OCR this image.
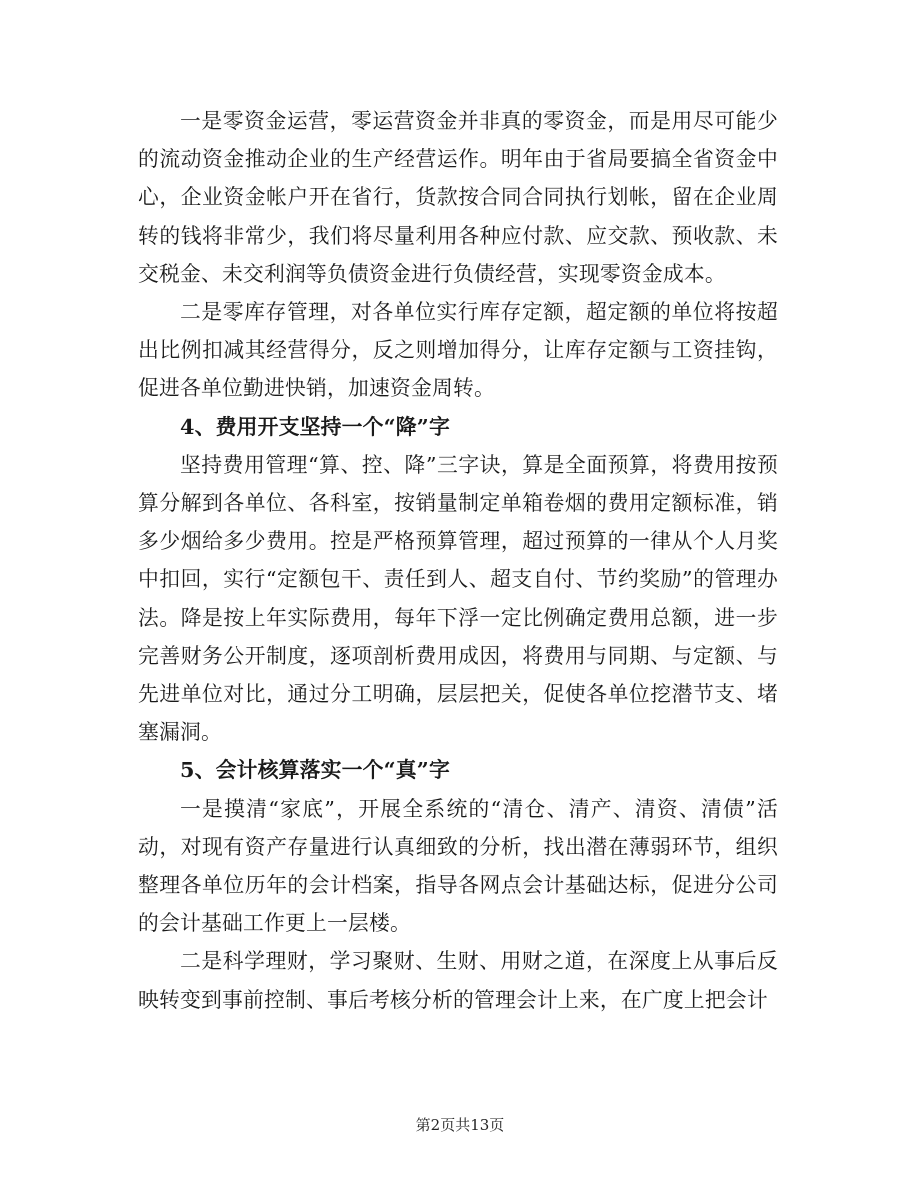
一是零资金运营，零运营资金并非真的零资金，而是用尽可能少的流动资金推动企业的生产经营运作。明年由于省局要搞全省资金中心，企业资金帐户开在省行，货款按合同合同执行划帐，留在企业周转的钱将非常少，我们将尽量利用各种应付款、应交款、预收款、未交税金、未交利润等负债资金进行负债经营，实现零资金成本。

二是零库存管理，对各单位实行库存定额，超定额的单位将按超出比例扣减其经营得分，反之则增加得分，让库存定额与工资挂钩，促进各单位勤进快销，加速资金周转。

4、费用开支坚持一个“降”字

坚持费用管理“算、控、降”三字诀，算是全面预算，将费用按预算分解到各单位、各科室，按销量制定单箱卷烟的费用定额标准，销多少烟给多少费用。控是严格预算管理，超过预算的一律从个人月奖中扣回，实行“定额包干、责任到人、超支自付、节约奖励”的管理办法。降是按上年实际费用，每年下浮一定比例确定费用总额，进一步完善财务公开制度，逐项剖析费用成因，将费用与同期、与定额、与先进单位对比，通过分工明确，层层把关，促使各单位挖潜节支、堵塞漏洞。

5、会计核算落实一个“真”字

一是摸清“家底”，开展全系统的“清仓、清产、清资、清债”活动，对现有资产存量进行认真细致的分析，找出潜在薄弱环节，组织整理各单位历年的会计档案，指导各网点会计基础达标，促进分公司的会计基础工作更上一层楼。

二是科学理财，学习聚财、生财、用财之道，在深度上从事后反映转变到事前控制、事后考核分析的管理会计上来，在广度上把会计

第2页共13页
